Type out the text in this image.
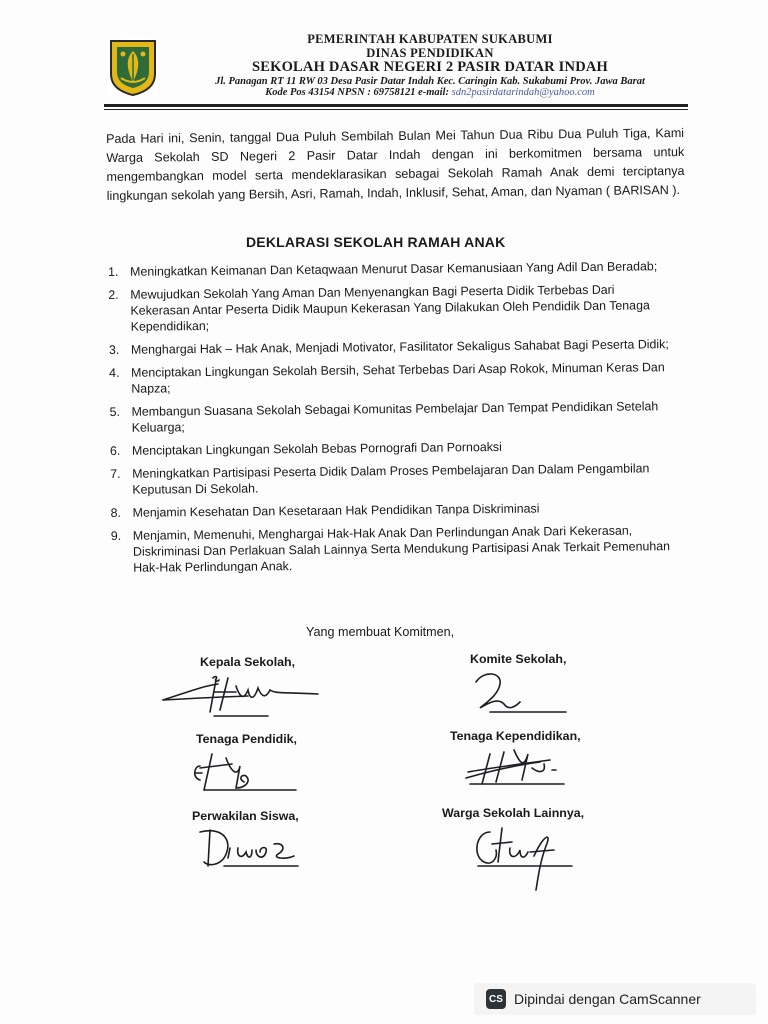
PEMERINTAH KABUPATEN SUKABUMI
DINAS PENDIDIKAN
SEKOLAH DASAR NEGERI 2 PASIR DATAR INDAH
Jl. Panagan RT 11 RW 03 Desa Pasir Datar Indah Kec. Caringin Kab. Sukabumi Prov. Jawa Barat
Kode Pos 43154 NPSN : 69758121 e-mail: sdn2pasirdatarindah@yahoo.com
Pada Hari ini, Senin, tanggal Dua Puluh Sembilah Bulan Mei Tahun Dua Ribu Dua Puluh Tiga, Kami Warga Sekolah SD Negeri 2 Pasir Datar Indah dengan ini berkomitmen bersama untuk mengembangkan model serta mendeklarasikan sebagai Sekolah Ramah Anak demi terciptanya lingkungan sekolah yang Bersih, Asri, Ramah, Indah, Inklusif, Sehat, Aman, dan Nyaman ( BARISAN ).
DEKLARASI SEKOLAH RAMAH ANAK
1. Meningkatkan Keimanan Dan Ketaqwaan Menurut Dasar Kemanusiaan Yang Adil Dan Beradab;
2. Mewujudkan Sekolah Yang Aman Dan Menyenangkan Bagi Peserta Didik Terbebas Dari Kekerasan Antar Peserta Didik Maupun Kekerasan Yang Dilakukan Oleh Pendidik Dan Tenaga Kependidikan;
3. Menghargai Hak – Hak Anak, Menjadi Motivator, Fasilitator Sekaligus Sahabat Bagi Peserta Didik;
4. Menciptakan Lingkungan Sekolah Bersih, Sehat Terbebas Dari Asap Rokok, Minuman Keras Dan Napza;
5. Membangun Suasana Sekolah Sebagai Komunitas Pembelajar Dan Tempat Pendidikan Setelah Keluarga;
6. Menciptakan Lingkungan Sekolah Bebas Pornografi Dan Pornoaksi
7. Meningkatkan Partisipasi Peserta Didik Dalam Proses Pembelajaran Dan Dalam Pengambilan Keputusan Di Sekolah.
8. Menjamin Kesehatan Dan Kesetaraan Hak Pendidikan Tanpa Diskriminasi
9. Menjamin, Memenuhi, Menghargai Hak-Hak Anak Dan Perlindungan Anak Dari Kekerasan, Diskriminasi Dan Perlakuan Salah Lainnya Serta Mendukung Partisipasi Anak Terkait Pemenuhan Hak-Hak Perlindungan Anak.
Yang membuat Komitmen,
Kepala Sekolah,	Komite Sekolah,
Tenaga Pendidik,	Tenaga Kependidikan,
Perwakilan Siswa,	Warga Sekolah Lainnya,
CS Dipindai dengan CamScanner
